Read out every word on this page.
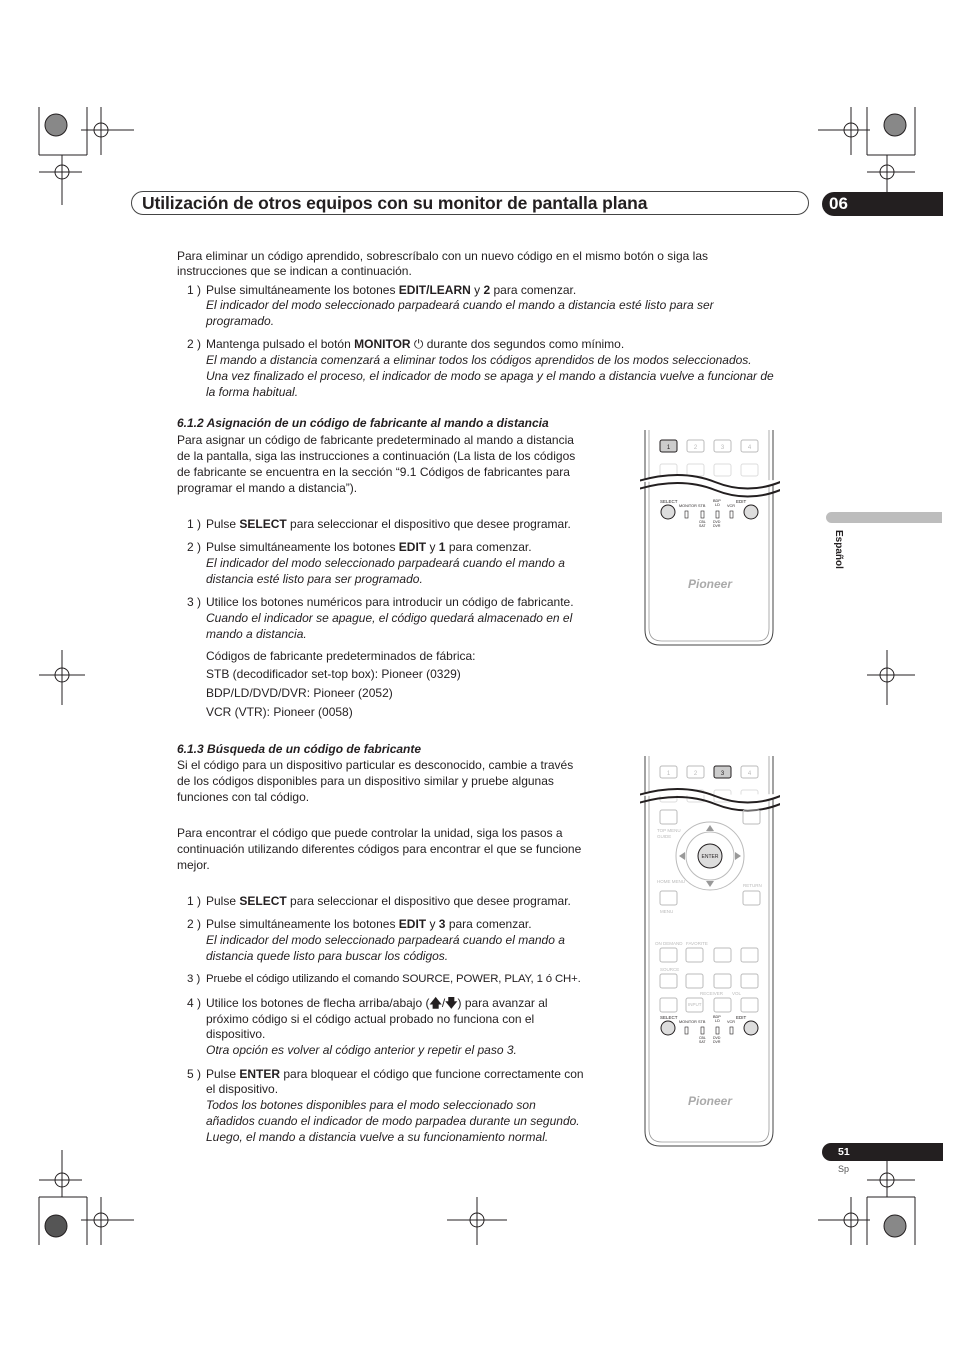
Utilización de otros equipos con su monitor de pantalla plana	06
Español
Para eliminar un código aprendido, sobrescríbalo con un nuevo código en el mismo botón o siga las
instrucciones que se indican a continuación.
1 ) Pulse simultáneamente los botones EDIT/LEARN y 2 para comenzar.
El indicador del modo seleccionado parpadeará cuando el mando a distancia esté listo para ser
programado.
2 ) Mantenga pulsado el botón MONITOR ⏻ durante dos segundos como mínimo.
El mando a distancia comenzará a eliminar todos los códigos aprendidos de los modos seleccionados.
Una vez finalizado el proceso, el indicador de modo se apaga y el mando a distancia vuelve a funcionar de
la forma habitual.
6.1.2 Asignación de un código de fabricante al mando a distancia
Para asignar un código de fabricante predeterminado al mando a distancia
de la pantalla, siga las instrucciones a continuación (La lista de los códigos
de fabricante se encuentra en la sección “9.1 Códigos de fabricantes para
programar el mando a distancia”).
1 ) Pulse SELECT para seleccionar el dispositivo que desee programar.
2 ) Pulse simultáneamente los botones EDIT y 1 para comenzar.
El indicador del modo seleccionado parpadeará cuando el mando a
distancia esté listo para ser programado.
3 ) Utilice los botones numéricos para introducir un código de fabricante.
Cuando el indicador se apague, el código quedará almacenado en el
mando a distancia.
Códigos de fabricante predeterminados de fábrica:
STB (decodificador set-top box): Pioneer (0329)
BDP/LD/DVD/DVR: Pioneer (2052)
VCR (VTR): Pioneer (0058)
6.1.3 Búsqueda de un código de fabricante
Si el código para un dispositivo particular es desconocido, cambie a través
de los códigos disponibles para un dispositivo similar y pruebe algunas
funciones con tal código.
Para encontrar el código que puede controlar la unidad, siga los pasos a
continuación utilizando diferentes códigos para encontrar el que se funcione
mejor.
1 ) Pulse SELECT para seleccionar el dispositivo que desee programar.
2 ) Pulse simultáneamente los botones EDIT y 3 para comenzar.
El indicador del modo seleccionado parpadeará cuando el mando a
distancia quede listo para buscar los códigos.
3 ) Pruebe el código utilizando el comando SOURCE, POWER, PLAY, 1 ó CH+.
4 ) Utilice los botones de flecha arriba/abajo (🡅/🡇) para avanzar al
próximo código si el código actual probado no funciona con el
dispositivo.
Otra opción es volver al código anterior y repetir el paso 3.
5 ) Pulse ENTER para bloquear el código que funcione correctamente con
el dispositivo.
Todos los botones disponibles para el modo seleccionado son
añadidos cuando el indicador de modo parpadea durante un segundo.
Luego, el mando a distancia vuelve a su funcionamiento normal.
1	2	3	4
SELECT	EDIT
MONITOR STB
BDP
LD VCR
CBL
SAT
DVD
DVR
Pioneer
1	2	3	4
TOP MENU
GUIDE
ENTER
HOME MENU
RETURN
MENU
ON DEMAND FAVORITE
SOURCE
RECEIVER VOL
INPUT
SELECT	EDIT
MONITOR STB
BDP
LD VCR
CBL
SAT
DVD
DVR
Pioneer
51
Sp
